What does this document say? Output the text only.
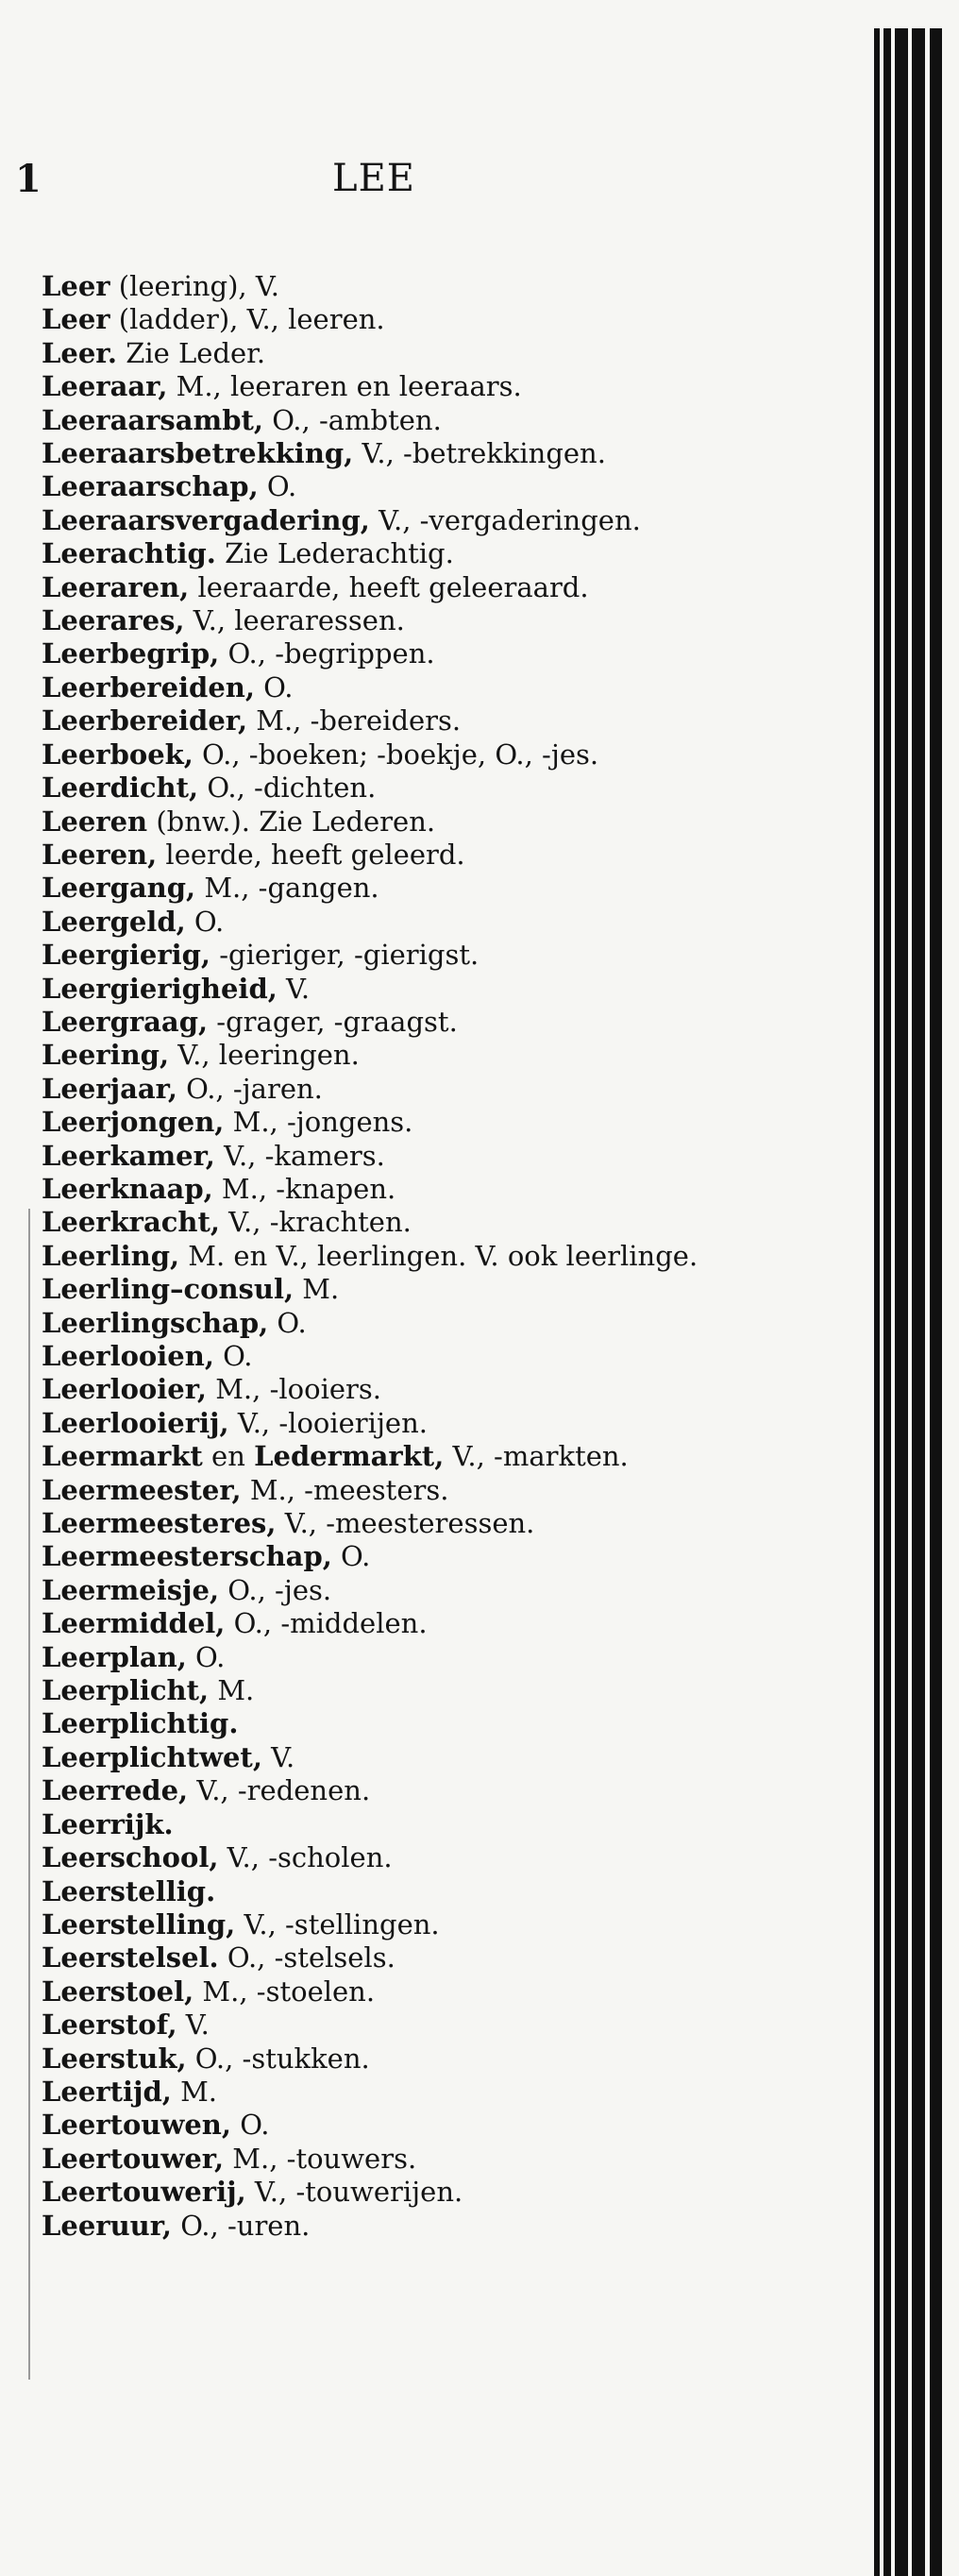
1	LEE
Leer (leering), V.
Leer (ladder), V., leeren.
Leer. Zie Leder.
Leeraar, M., leeraren en leeraars.
Leeraarsambt, O., -ambten.
Leeraarsbetrekking, V., -betrekkingen.
Leeraarschap, O.
Leeraarsvergadering, V., -vergaderingen.
Leerachtig. Zie Lederachtig.
Leeraren, leeraarde, heeft geleeraard.
Leerares, V., leeraressen.
Leerbegrip, O., -begrippen.
Leerbereiden, O.
Leerbereider, M., -bereiders.
Leerboek, O., -boeken; -boekje, O., -jes.
Leerdicht, O., -dichten.
Leeren (bnw.). Zie Lederen.
Leeren, leerde, heeft geleerd.
Leergang, M., -gangen.
Leergeld, O.
Leergierig, -gieriger, -gierigst.
Leergierigheid, V.
Leergraag, -grager, -graagst.
Leering, V., leeringen.
Leerjaar, O., -jaren.
Leerjongen, M., -jongens.
Leerkamer, V., -kamers.
Leerknaap, M., -knapen.
Leerkracht, V., -krachten.
Leerling, M. en V., leerlingen. V. ook leerlinge.
Leerling–consul, M.
Leerlingschap, O.
Leerlooien, O.
Leerlooier, M., -looiers.
Leerlooierij, V., -looierijen.
Leermarkt en Ledermarkt, V., -markten.
Leermeester, M., -meesters.
Leermeesteres, V., -meesteressen.
Leermeesterschap, O.
Leermeisje, O., -jes.
Leermiddel, O., -middelen.
Leerplan, O.
Leerplicht, M.
Leerplichtig.
Leerplichtwet, V.
Leerrede, V., -redenen.
Leerrijk.
Leerschool, V., -scholen.
Leerstellig.
Leerstelling, V., -stellingen.
Leerstelsel. O., -stelsels.
Leerstoel, M., -stoelen.
Leerstof, V.
Leerstuk, O., -stukken.
Leertijd, M.
Leertouwen, O.
Leertouwer, M., -touwers.
Leertouwerij, V., -touwerijen.
Leeruur, O., -uren.
